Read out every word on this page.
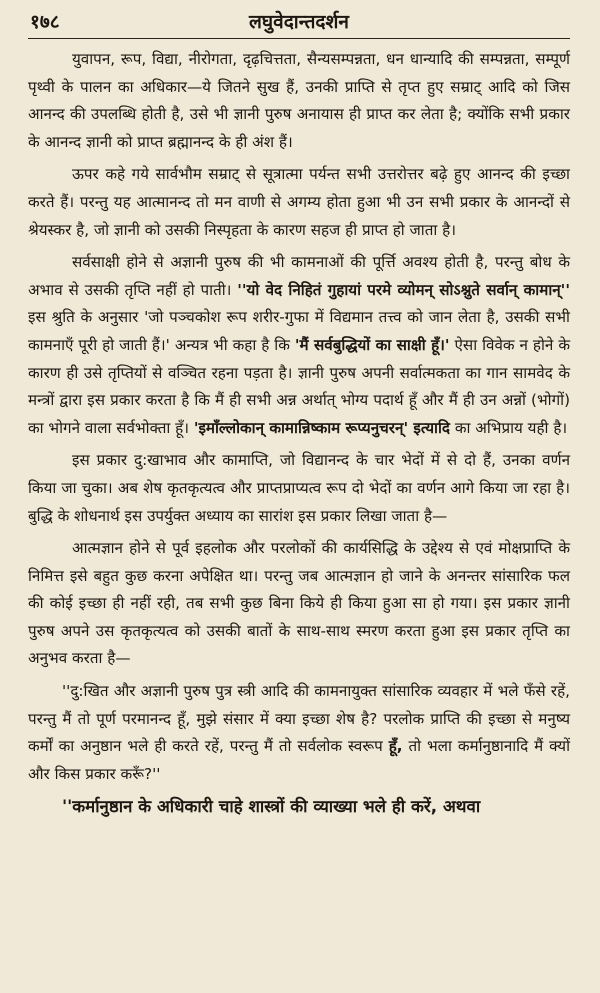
१७८	लघुवेदान्तदर्शन

युवापन, रूप, विद्या, नीरोगता, दृढ़चित्तता, सैन्यसम्पन्नता, धन धान्यादि की सम्पन्नता, सम्पूर्ण पृथ्वी के पालन का अधिकार—ये जितने सुख हैं, उनकी प्राप्ति से तृप्त हुए सम्राट् आदि को जिस आनन्द की उपलब्धि होती है, उसे भी ज्ञानी पुरुष अनायास ही प्राप्त कर लेता है; क्योंकि सभी प्रकार के आनन्द ज्ञानी को प्राप्त ब्रह्मानन्द के ही अंश हैं।

ऊपर कहे गये सार्वभौम सम्राट् से सूत्रात्मा पर्यन्त सभी उत्तरोत्तर बढ़े हुए आनन्द की इच्छा करते हैं। परन्तु यह आत्मानन्द तो मन वाणी से अगम्य होता हुआ भी उन सभी प्रकार के आनन्दों से श्रेयस्कर है, जो ज्ञानी को उसकी निस्पृहता के कारण सहज ही प्राप्त हो जाता है।

सर्वसाक्षी होने से अज्ञानी पुरुष की भी कामनाओं की पूर्त्ति अवश्य होती है, परन्तु बोध के अभाव से उसकी तृप्ति नहीं हो पाती। ''यो वेद निहितं गुहायां परमे व्योमन् सोऽश्नुते सर्वान् कामान्'' इस श्रुति के अनुसार 'जो पञ्चकोश रूप शरीर-गुफा में विद्यमान तत्त्व को जान लेता है, उसकी सभी कामनाएँ पूरी हो जाती हैं।' अन्यत्र भी कहा है कि 'मैं सर्वबुद्धियों का साक्षी हूँ।' ऐसा विवेक न होने के कारण ही उसे तृप्तियों से वञ्चित रहना पड़ता है। ज्ञानी पुरुष अपनी सर्वात्मकता का गान सामवेद के मन्त्रों द्वारा इस प्रकार करता है कि मैं ही सभी अन्न अर्थात् भोग्य पदार्थ हूँ और मैं ही उन अन्नों (भोगों) का भोगने वाला सर्वभोक्ता हूँ। 'इमाँल्लोकान् कामान्निष्काम रूप्यनुचरन्' इत्यादि का अभिप्राय यही है।

इस प्रकार दु:खाभाव और कामाप्ति, जो विद्यानन्द के चार भेदों में से दो हैं, उनका वर्णन किया जा चुका। अब शेष कृतकृत्यत्व और प्राप्तप्राप्यत्व रूप दो भेदों का वर्णन आगे किया जा रहा है। बुद्धि के शोधनार्थ इस उपर्युक्त अध्याय का सारांश इस प्रकार लिखा जाता है—

आत्मज्ञान होने से पूर्व इहलोक और परलोकों की कार्यसिद्धि के उद्देश्य से एवं मोक्षप्राप्ति के निमित्त इसे बहुत कुछ करना अपेक्षित था। परन्तु जब आत्मज्ञान हो जाने के अनन्तर सांसारिक फल की कोई इच्छा ही नहीं रही, तब सभी कुछ बिना किये ही किया हुआ सा हो गया। इस प्रकार ज्ञानी पुरुष अपने उस कृतकृत्यत्व को उसकी बातों के साथ-साथ स्मरण करता हुआ इस प्रकार तृप्ति का अनुभव करता है—

''दु:खित और अज्ञानी पुरुष पुत्र स्त्री आदि की कामनायुक्त सांसारिक व्यवहार में भले फँसे रहें, परन्तु मैं तो पूर्ण परमानन्द हूँ, मुझे संसार में क्या इच्छा शेष है? परलोक प्राप्ति की इच्छा से मनुष्य कर्मों का अनुष्ठान भले ही करते रहें, परन्तु मैं तो सर्वलोक स्वरूप हूँ, तो भला कर्मानुष्ठानादि मैं क्यों और किस प्रकार करूँ?''

''कर्मानुष्ठान के अधिकारी चाहे शास्त्रों की व्याख्या भले ही करें, अथवा
